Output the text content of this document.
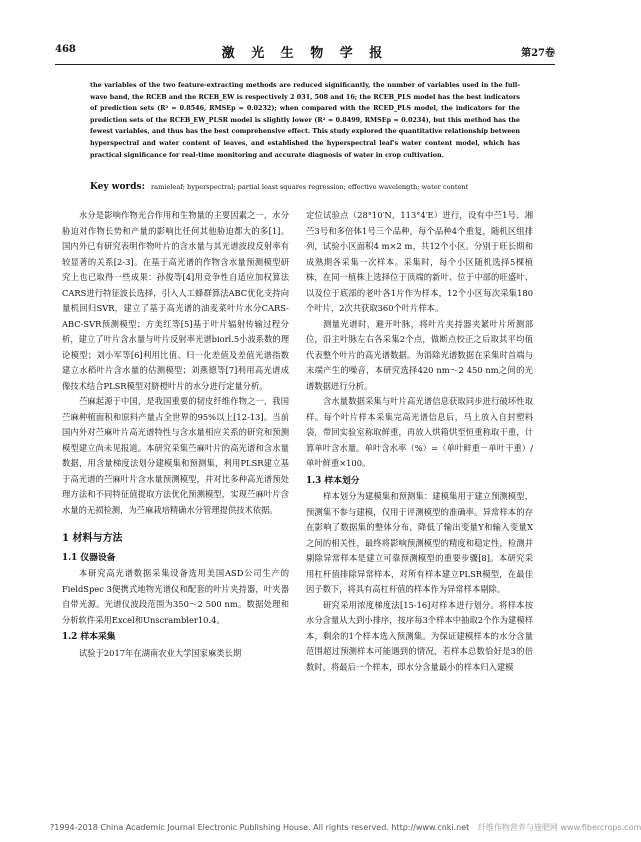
468	激 光 生 物 学 报	第27卷

the variables of the two feature-extracting methods are reduced significantly, the number of variables used in the full-wave band, the RCEB and the RCEB_EW is respectively 2 031, 508 and 16; the RCEB_PLS model has the best indicators of prediction sets (R² = 0.8546, RMSEp = 0.0232); when compared with the RCED_PLS model, the indicators for the prediction sets of the RCEB_EW_PLSR model is slightly lower (R² = 0.8499, RMSEp = 0.0234), but this method has the fewest variables, and thus has the best comprehensive effect. This study explored the quantitative relationship between hyperspectral and water content of leaves, and established the hyperspectral leaf's water content model, which has practical significance for real-time monitoring and accurate diagnosis of water in crop cultivation.

Key words: ramieleaf; hyperspectral; partial least squares regression; effective wavelength; water content

水分是影响作物光合作用和生物量的主要因素之一，水分胁迫对作物长势和产量的影响比任何其他胁迫都大的多[1]。国内外已有研究表明作物叶片的含水量与其光谱波段反射率有较显著的关系[2-3]。在基于高光谱的作物含水量预测模型研究上也已取得一些成果：孙俊等[4]用竞争性自适应加权算法CARS进行特征波长选择，引入人工蜂群算法ABC优化支持向量机回归SVR，建立了基于高光谱的油麦菜叶片水分CARS-ABC-SVR预测模型；方美红等[5]基于叶片辐射传输过程分析，建立了叶片含水量与叶片反射率光谱biorl.5小波系数的理论模型；刘小军等[6]利用比值、归一化差值及差值光谱指数建立水稻叶片含水量的估测模型；刘燕德等[7]利用高光谱成像技术结合PLSR模型对脐橙叶片的水分进行定量分析。

苎麻起源于中国，是我国重要的韧皮纤维作物之一，我国苎麻种植面积和原料产量占全世界的95%以上[12-13]。当前国内外对苎麻叶片高光谱特性与含水量相应关系的研究和预测模型建立尚未见报道。本研究采集苎麻叶片的高光谱和含水量数据，用含量梯度法划分建模集和预测集，利用PLSR建立基于高光谱的苎麻叶片含水量预测模型，并对比多种高光谱预处理方法和不同特征值提取方法优化预测模型，实现苎麻叶片含水量的无损检测，为苎麻栽培精确水分管理提供技术依据。

1 材料与方法
1.1 仪器设备

本研究高光谱数据采集设备选用美国ASD公司生产的FieldSpec 3便携式地物光谱仪和配套的叶片夹持器，叶夹器自带光源。光谱仪波段范围为350～2 500 nm。数据处理和分析软件采用Excel和Unscrambler10.4。

1.2 样本采集

试验于2017年在湖南农业大学国家麻类长期

定位试验点（28°10′N，113°4′E）进行，设有中苎1号、湘苎3号和多倍体1号三个品种，每个品种4个重复，随机区组排列，试验小区面积4 m×2 m，共12个小区。分别于旺长期和成熟期各采集一次样本。采集时，每个小区随机选择5棵植株，在同一植株上选择位于顶端的新叶、位于中部的旺盛叶、以及位于底部的老叶各1片作为样本，12个小区每次采集180个叶片，2次共获取360个叶片样本。

测量光谱时，避开叶脉，将叶片夹持器夹紧叶片所测部位，沿主叶脉左右各采集2个点，做断点校正之后取其平均值代表整个叶片的高光谱数据。为消除光谱数据在采集时首端与末端产生的噪音，本研究选择420 nm～2 450 nm之间的光谱数据进行分析。

含水量数据采集与叶片高光谱信息获取同步进行破坏性取样。每个叶片样本采集完高光谱信息后，马上放入自封塑料袋，带回实验室称取鲜重，再放入烘箱烘至恒重称取干重，计算单叶含水量。单叶含水率（%）=（单叶鲜重－单叶干重）/单叶鲜重×100。

1.3 样本划分

样本划分为建模集和预测集：建模集用于建立预测模型，预测集不参与建模，仅用于评测模型的准确率。异常样本的存在影响了数据集的整体分布，降低了输出变量Y和输入变量X之间的相关性，最终将影响预测模型的精度和稳定性，检测并剔除异常样本是建立可靠预测模型的重要步骤[8]。本研究采用杠杆值排除异常样本，对所有样本建立PLSR模型，在最佳因子数下，将具有高杠杆值的样本作为异常样本剔除。

研究采用浓度梯度法[15-16]对样本进行划分。将样本按水分含量从大到小排序，按序每3个样本中抽取2个作为建模样本，剩余的1个样本选入预测集。为保证建模样本的水分含量范围超过预测样本可能遇到的情况，若样本总数恰好是3的倍数时，将最后一个样本，即水分含量最小的样本归入建模

?1994-2018 China Academic Journal Electronic Publishing House. All rights reserved. http://www.cnki.net 纤维作物营养与施肥网 www.fibercrops.com
